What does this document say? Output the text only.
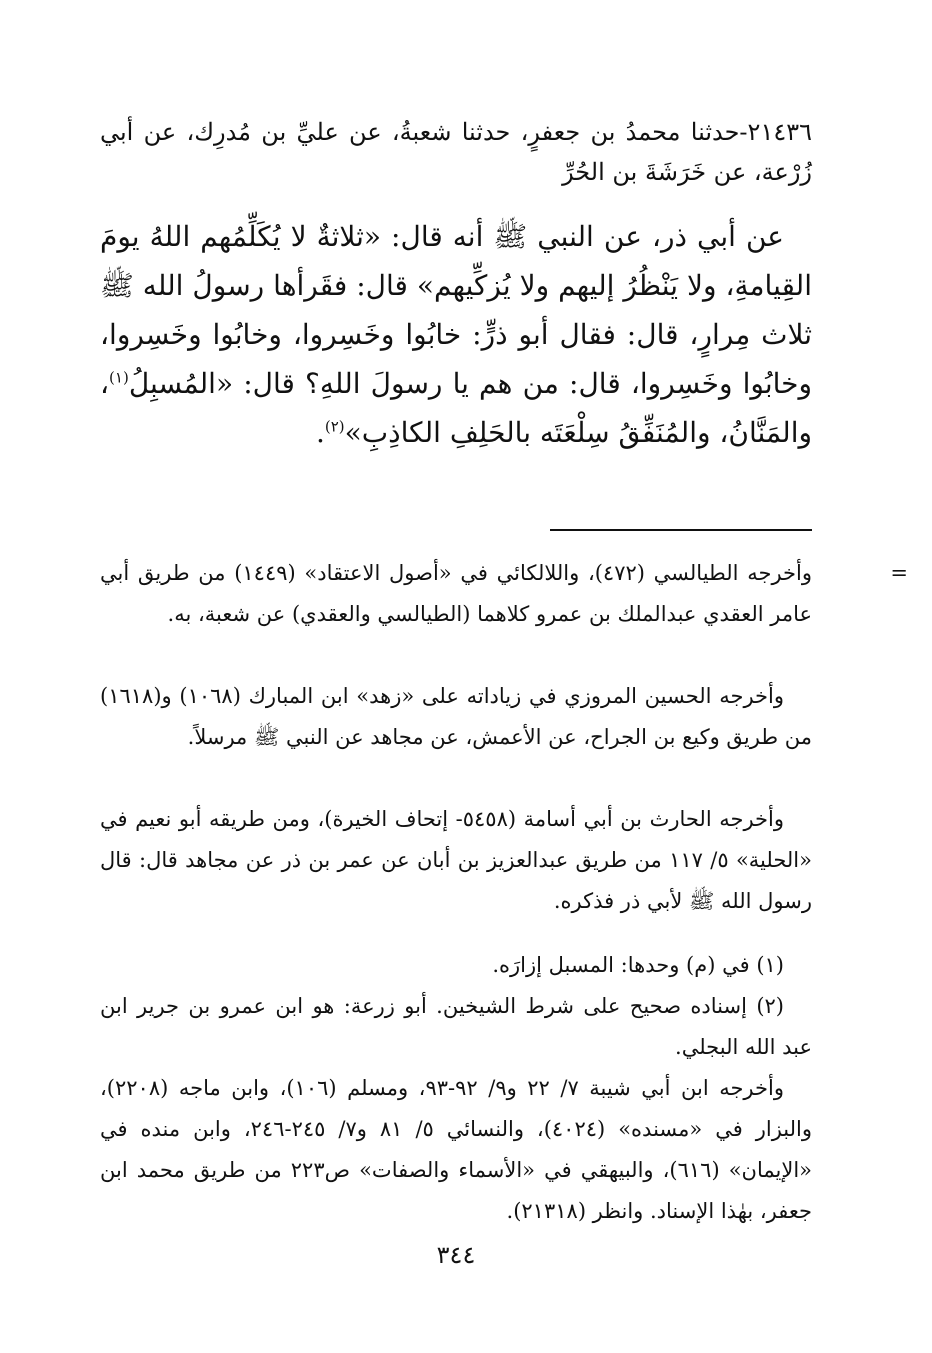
٢١٤٣٦-حدثنا محمدُ بن جعفرٍ، حدثنا شعبةُ، عن عليِّ بن مُدرِك، عن أبي زُرْعة، عن خَرَشَةَ بن الحُرِّ

عن أبي ذر، عن النبي ﷺ أنه قال: «ثلاثةٌ لا يُكَلِّمُهم اللهُ يومَ القِيامةِ، ولا يَنْظُرُ إليهم ولا يُزكِّيهم» قال: فقَرأها رسولُ الله ﷺ ثلاث مِرارٍ، قال: فقال أبو ذرٍّ: خابُوا وخَسِروا، وخابُوا وخَسِروا، وخابُوا وخَسِروا، قال: من هم يا رسولَ اللهِ؟ قال: «المُسبِلُ$^{(١)}$، والمَنَّانُ، والمُنَفِّقُ سِلْعَتَه بالحَلِفِ الكاذِبِ»$^{(٢)}$.

=
وأخرجه الطيالسي (٤٧٢)، واللالكائي في «أصول الاعتقاد» (١٤٤٩) من طريق أبي عامر العقدي عبدالملك بن عمرو كلاهما (الطيالسي والعقدي) عن شعبة، به.

وأخرجه الحسين المروزي في زياداته على «زهد» ابن المبارك (١٠٦٨) و(١٦١٨) من طريق وكيع بن الجراح، عن الأعمش، عن مجاهد عن النبي ﷺ مرسلاً.

وأخرجه الحارث بن أبي أسامة (٥٤٥٨- إتحاف الخيرة)، ومن طريقه أبو نعيم في «الحلية» ٥/ ١١٧ من طريق عبدالعزيز بن أبان عن عمر بن ذر عن مجاهد قال: قال رسول الله ﷺ لأبي ذر فذكره.

(١) في (م) وحدها: المسبل إزارَه.

(٢) إسناده صحيح على شرط الشيخين. أبو زرعة: هو ابن عمرو بن جرير ابن عبد الله البجلي.

وأخرجه ابن أبي شيبة ٧/ ٢٢ و٩/ ٩٢-٩٣، ومسلم (١٠٦)، وابن ماجه (٢٢٠٨)، والبزار في «مسنده» (٤٠٢٤)، والنسائي ٥/ ٨١ و٧/ ٢٤٥-٢٤٦، وابن منده في «الإيمان» (٦١٦)، والبيهقي في «الأسماء والصفات» ص٢٢٣ من طريق محمد ابن جعفر، بهٰذا الإسناد. وانظر (٢١٣١٨).

٣٤٤
